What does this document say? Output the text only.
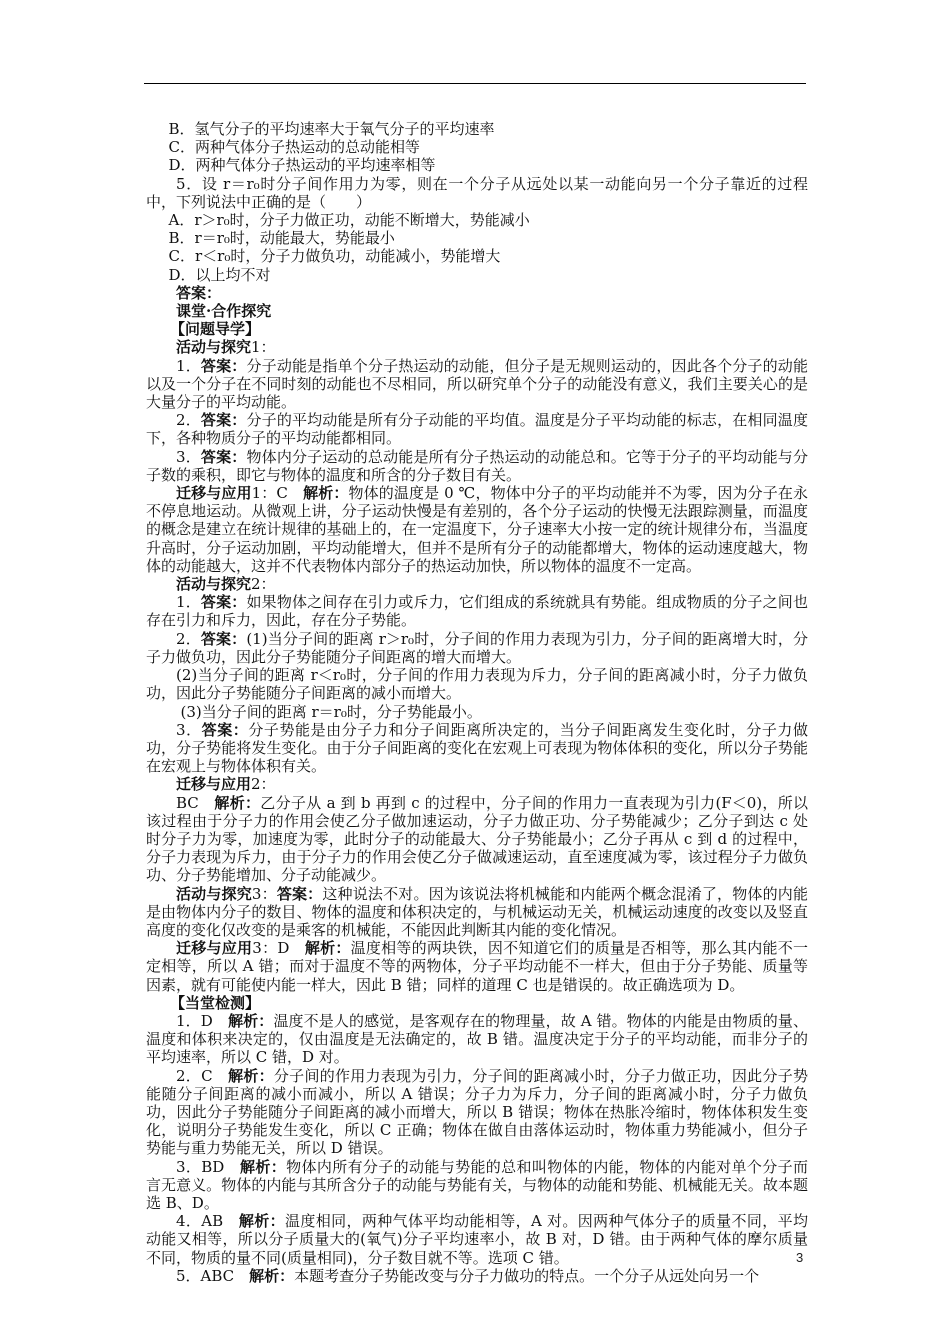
B．氢气分子的平均速率大于氧气分子的平均速率

C．两种气体分子热运动的总动能相等

D．两种气体分子热运动的平均速率相等

5．设 r＝r₀时分子间作用力为零，则在一个分子从远处以某一动能向另一个分子靠近的过程中，下列说法中正确的是（　　）

A．r＞r₀时，分子力做正功，动能不断增大，势能减小

B．r＝r₀时，动能最大，势能最小

C．r＜r₀时，分子力做负功，动能减小，势能增大

D．以上均不对

答案：

课堂·合作探究

【问题导学】

活动与探究1：

1．答案：分子动能是指单个分子热运动的动能，但分子是无规则运动的，因此各个分子的动能以及一个分子在不同时刻的动能也不尽相同，所以研究单个分子的动能没有意义，我们主要关心的是大量分子的平均动能。

2．答案：分子的平均动能是所有分子动能的平均值。温度是分子平均动能的标志，在相同温度下，各种物质分子的平均动能都相同。

3．答案：物体内分子运动的总动能是所有分子热运动的动能总和。它等于分子的平均动能与分子数的乘积，即它与物体的温度和所含的分子数目有关。

迁移与应用1：C　解析：物体的温度是 0 ℃，物体中分子的平均动能并不为零，因为分子在永不停息地运动。从微观上讲，分子运动快慢是有差别的，各个分子运动的快慢无法跟踪测量，而温度的概念是建立在统计规律的基础上的，在一定温度下，分子速率大小按一定的统计规律分布，当温度升高时，分子运动加剧，平均动能增大，但并不是所有分子的动能都增大，物体的运动速度越大，物体的动能越大，这并不代表物体内部分子的热运动加快，所以物体的温度不一定高。

活动与探究2：

1．答案：如果物体之间存在引力或斥力，它们组成的系统就具有势能。组成物质的分子之间也存在引力和斥力，因此，存在分子势能。

2．答案：(1)当分子间的距离 r＞r₀时，分子间的作用力表现为引力，分子间的距离增大时，分子力做负功，因此分子势能随分子间距离的增大而增大。

(2)当分子间的距离 r＜r₀时，分子间的作用力表现为斥力，分子间的距离减小时，分子力做负功，因此分子势能随分子间距离的减小而增大。

(3)当分子间的距离 r＝r₀时，分子势能最小。

3．答案：分子势能是由分子力和分子间距离所决定的，当分子间距离发生变化时，分子力做功，分子势能将发生变化。由于分子间距离的变化在宏观上可表现为物体体积的变化，所以分子势能在宏观上与物体体积有关。

迁移与应用2：

BC　解析：乙分子从 a 到 b 再到 c 的过程中，分子间的作用力一直表现为引力(F＜0)，所以该过程由于分子力的作用会使乙分子做加速运动，分子力做正功、分子势能减少；乙分子到达 c 处时分子力为零，加速度为零，此时分子的动能最大、分子势能最小；乙分子再从 c 到 d 的过程中，分子力表现为斥力，由于分子力的作用会使乙分子做减速运动，直至速度减为零，该过程分子力做负功、分子势能增加、分子动能减少。

活动与探究3：答案：这种说法不对。因为该说法将机械能和内能两个概念混淆了，物体的内能是由物体内分子的数目、物体的温度和体积决定的，与机械运动无关，机械运动速度的改变以及竖直高度的变化仅改变的是乘客的机械能，不能因此判断其内能的变化情况。

迁移与应用3：D　解析：温度相等的两块铁，因不知道它们的质量是否相等，那么其内能不一定相等，所以 A 错；而对于温度不等的两物体，分子平均动能不一样大，但由于分子势能、质量等因素，就有可能使内能一样大，因此 B 错；同样的道理 C 也是错误的。故正确选项为 D。

【当堂检测】

1．D　解析：温度不是人的感觉，是客观存在的物理量，故 A 错。物体的内能是由物质的量、温度和体积来决定的，仅由温度是无法确定的，故 B 错。温度决定于分子的平均动能，而非分子的平均速率，所以 C 错，D 对。

2．C　解析：分子间的作用力表现为引力，分子间的距离减小时，分子力做正功，因此分子势能随分子间距离的减小而减小，所以 A 错误；分子力为斥力，分子间的距离减小时，分子力做负功，因此分子势能随分子间距离的减小而增大，所以 B 错误；物体在热胀冷缩时，物体体积发生变化，说明分子势能发生变化，所以 C 正确；物体在做自由落体运动时，物体重力势能减小，但分子势能与重力势能无关，所以 D 错误。

3．BD　解析：物体内所有分子的动能与势能的总和叫物体的内能，物体的内能对单个分子而言无意义。物体的内能与其所含分子的动能与势能有关，与物体的动能和势能、机械能无关。故本题选 B、D。

4．AB　解析：温度相同，两种气体平均动能相等，A 对。因两种气体分子的质量不同，平均动能又相等，所以分子质量大的(氧气)分子平均速率小，故 B 对，D 错。由于两种气体的摩尔质量不同，物质的量不同(质量相同)，分子数目就不等。选项 C 错。

5．ABC　解析：本题考查分子势能改变与分子力做功的特点。一个分子从远处向另一个

3
